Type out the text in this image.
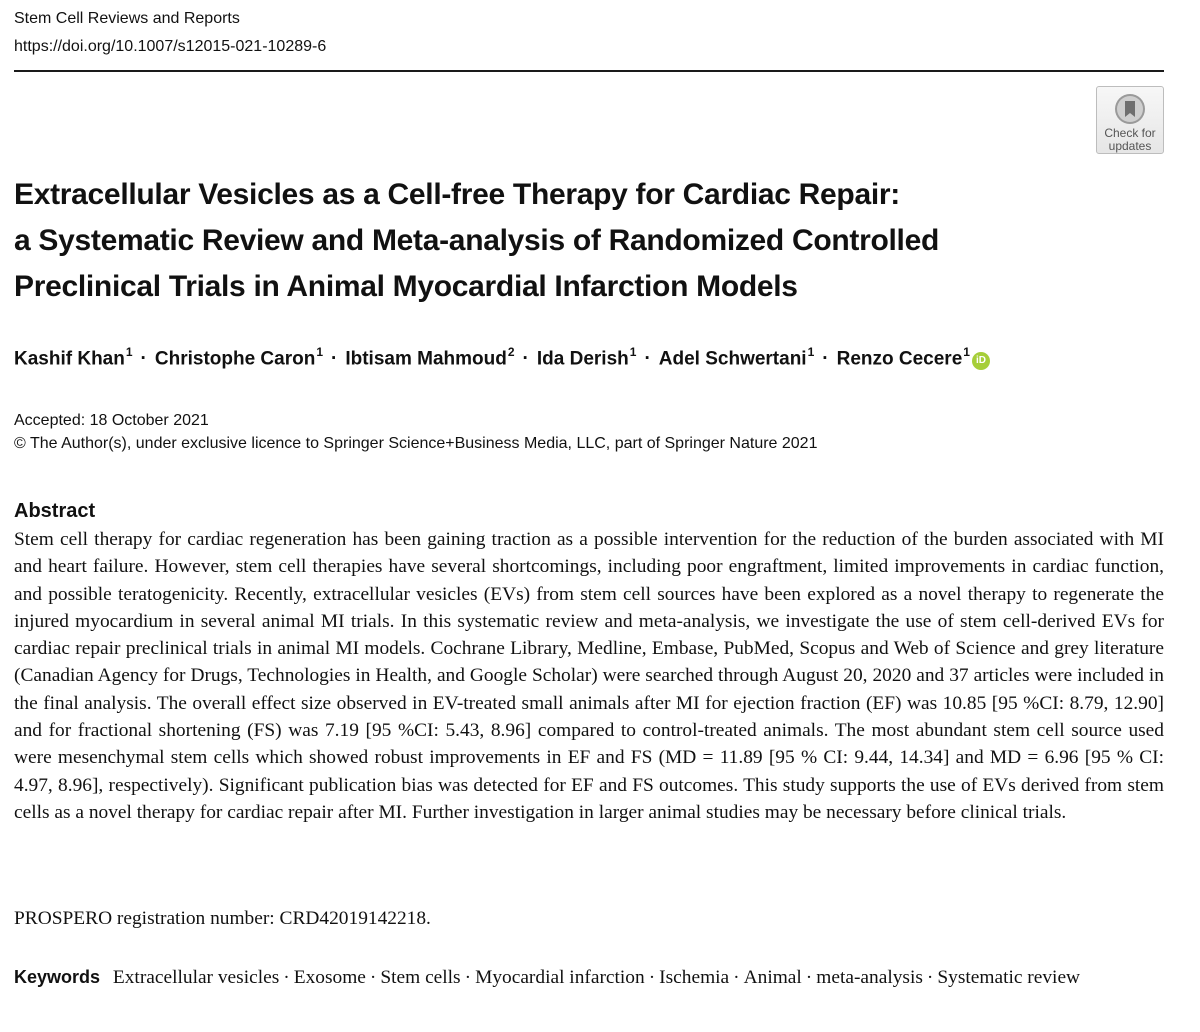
Stem Cell Reviews and Reports
https://doi.org/10.1007/s12015-021-10289-6
Check for
updates
Extracellular Vesicles as a Cell-free Therapy for Cardiac Repair:
a Systematic Review and Meta-analysis of Randomized Controlled
Preclinical Trials in Animal Myocardial Infarction Models
Kashif Khan$^1$ · Christophe Caron$^1$ · Ibtisam Mahmoud$^2$ · Ida Derish$^1$ · Adel Schwertani$^1$ · Renzo Cecere$^1$iD
Accepted: 18 October 2021
© The Author(s), under exclusive licence to Springer Science+Business Media, LLC, part of Springer Nature 2021
Abstract

Stem cell therapy for cardiac regeneration has been gaining traction as a possible intervention for the reduction of the burden associated with MI and heart failure. However, stem cell therapies have several shortcomings, including poor engraftment, limited improvements in cardiac function, and possible teratogenicity. Recently, extracellular vesicles (EVs) from stem cell sources have been explored as a novel therapy to regenerate the injured myocardium in several animal MI trials. In this systematic review and meta-analysis, we investigate the use of stem cell-derived EVs for cardiac repair preclinical trials in animal MI models. Cochrane Library, Medline, Embase, PubMed, Scopus and Web of Science and grey literature (Canadian Agency for Drugs, Technologies in Health, and Google Scholar) were searched through August 20, 2020 and 37 articles were included in the final analysis. The overall effect size observed in EV-treated small animals after MI for ejection fraction (EF) was 10.85 [95 %CI: 8.79, 12.90] and for fractional shortening (FS) was 7.19 [95 %CI: 5.43, 8.96] compared to control-treated animals. The most abundant stem cell source used were mesenchymal stem cells which showed robust improvements in EF and FS (MD = 11.89 [95 % CI: 9.44, 14.34] and MD = 6.96 [95 % CI: 4.97, 8.96], respectively). Significant publication bias was detected for EF and FS outcomes. This study supports the use of EVs derived from stem cells as a novel therapy for cardiac repair after MI. Further investigation in larger animal studies may be necessary before clinical trials.

PROSPERO registration number: CRD42019142218.

Keywords Extracellular vesicles · Exosome · Stem cells · Myocardial infarction · Ischemia · Animal · meta-analysis · Systematic review
